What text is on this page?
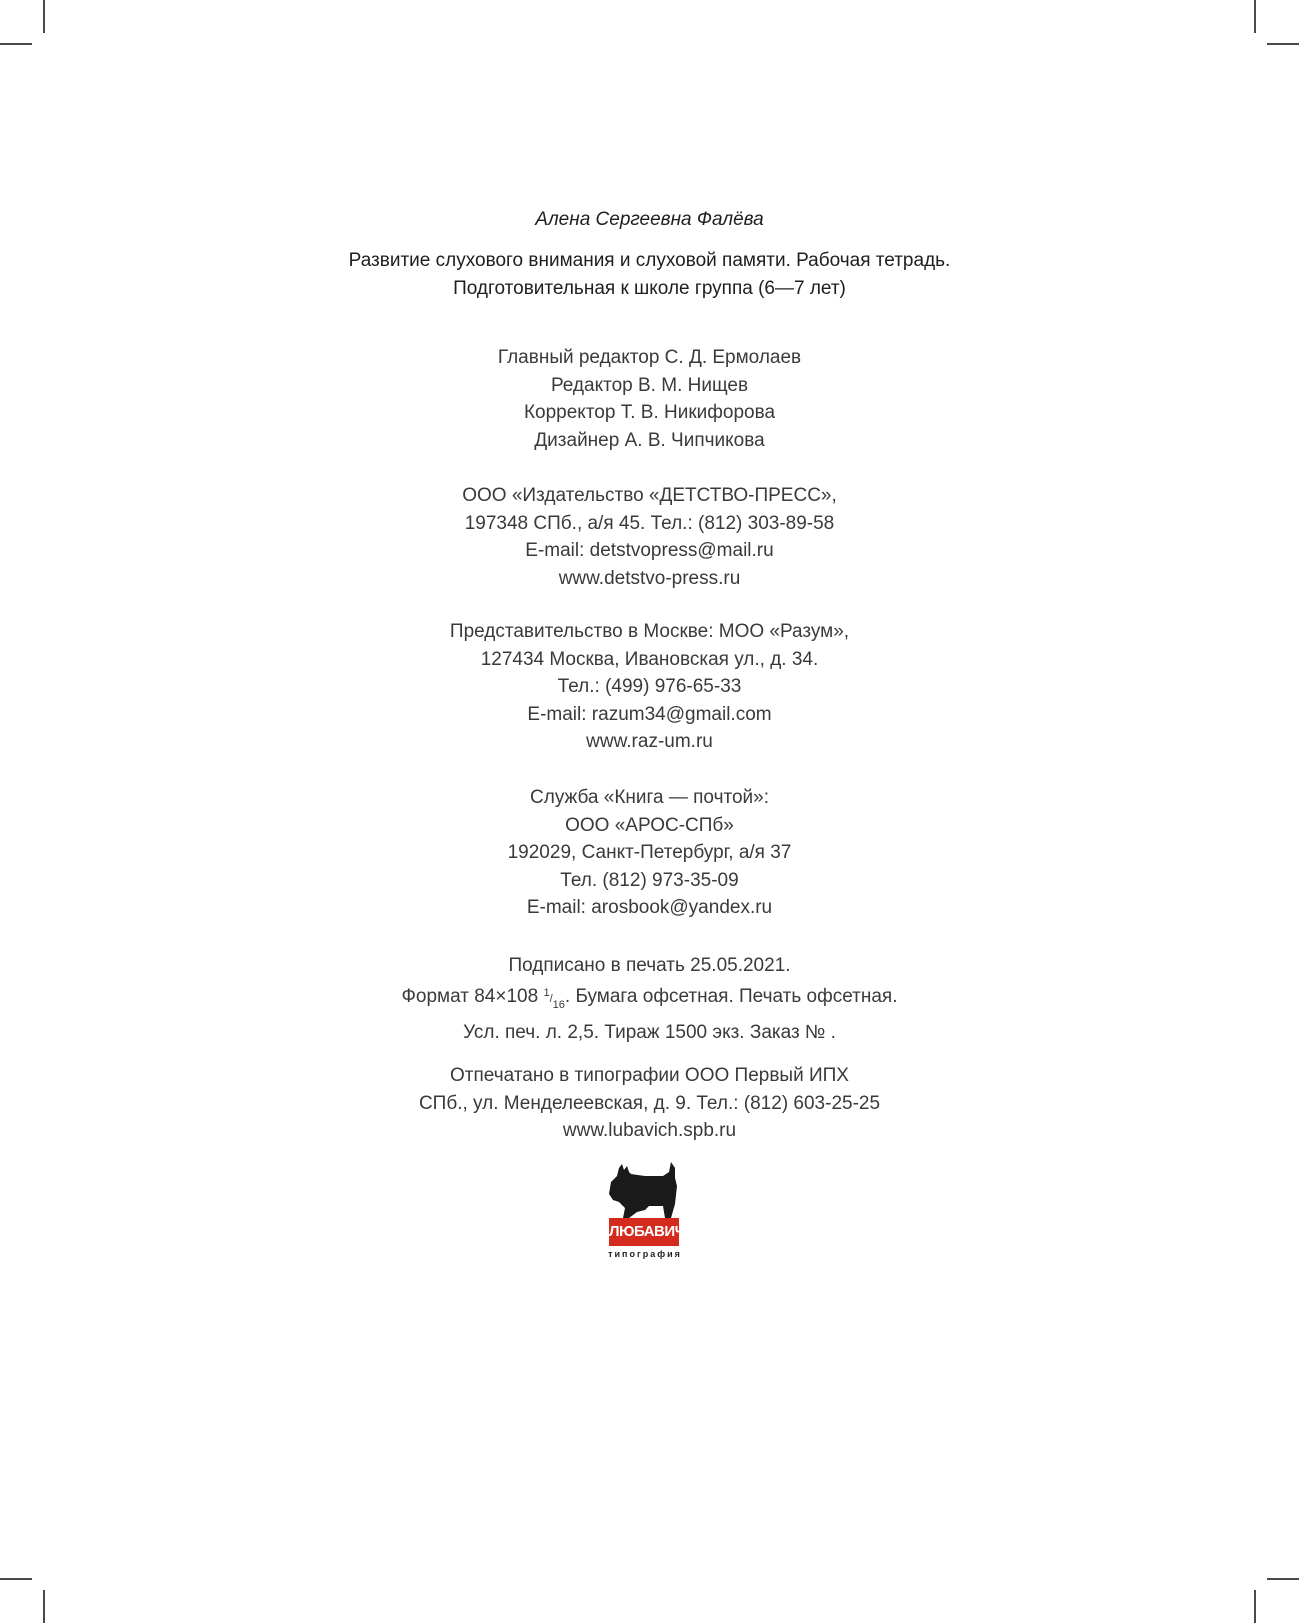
Алена Сергеевна Фалёва
Развитие слухового внимания и слуховой памяти. Рабочая тетрадь.
Подготовительная к школе группа (6—7 лет)
Главный редактор С. Д. Ермолаев
Редактор В. М. Нищев
Корректор Т. В. Никифорова
Дизайнер А. В. Чипчикова
ООО «Издательство «ДЕТСТВО-ПРЕСС»,
197348 СПб., а/я 45. Тел.: (812) 303-89-58
E-mail: detstvopress@mail.ru
www.detstvo-press.ru
Представительство в Москве: МОО «Разум»,
127434 Москва, Ивановская ул., д. 34.
Тел.: (499) 976-65-33
E-mail: razum34@gmail.com
www.raz-um.ru
Служба «Книга — почтой»:
ООО «АРОС-СПб»
192029, Санкт-Петербург, а/я 37
Тел. (812) 973-35-09
E-mail: arosbook@yandex.ru
Подписано в печать 25.05.2021.
Формат 84×108 $^1/_{16}$. Бумага офсетная. Печать офсетная.
Усл. печ. л. 2,5. Тираж 1500 экз. Заказ № .
Отпечатано в типографии ООО Первый ИПХ
СПб., ул. Менделеевская, д. 9. Тел.: (812) 603-25-25
www.lubavich.spb.ru
ЛЮБАВИЧ
типография
